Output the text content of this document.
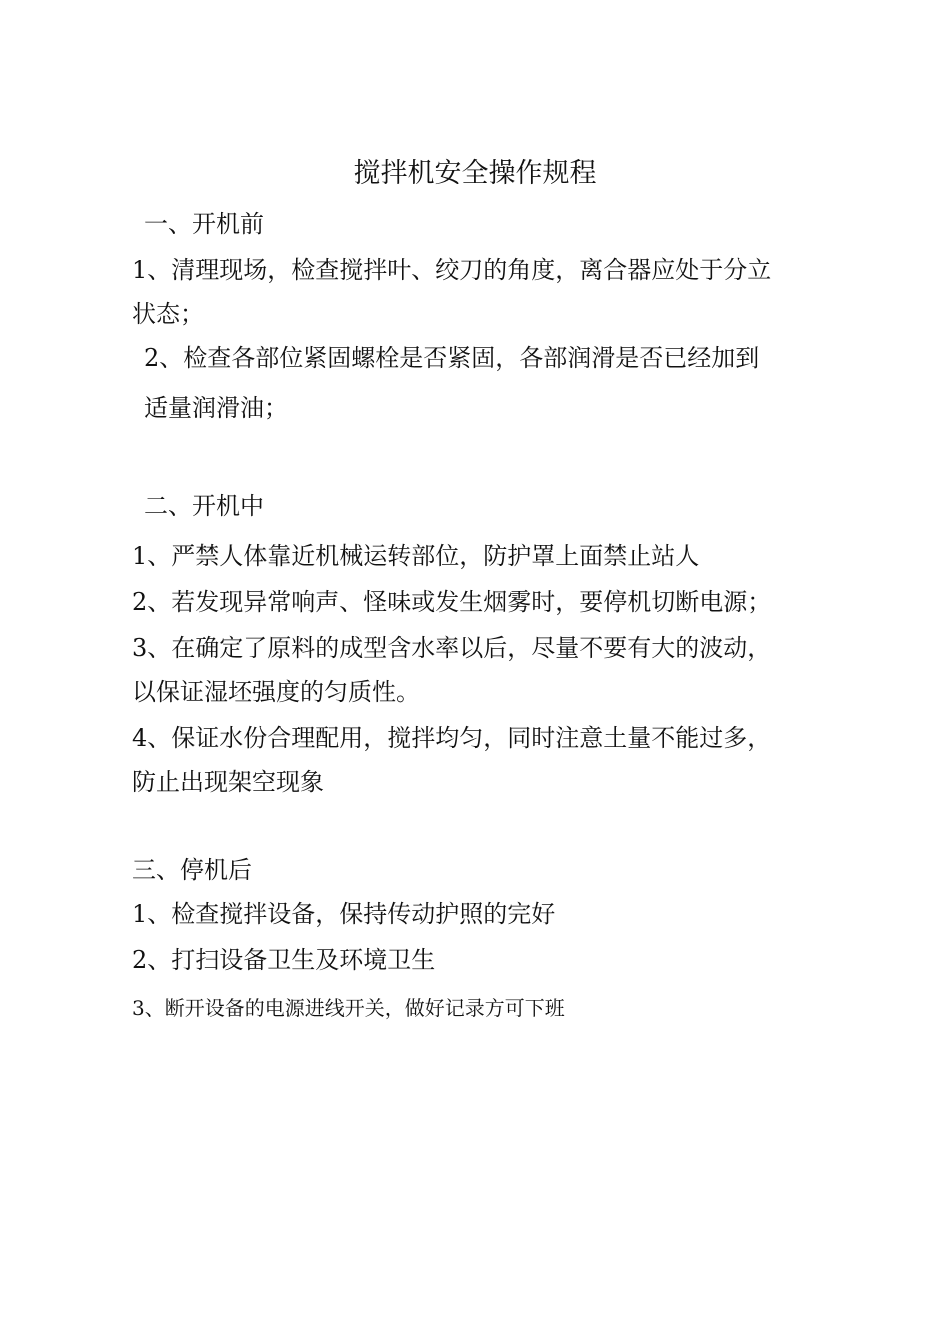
搅拌机安全操作规程
一、开机前
1、清理现场，检查搅拌叶、绞刀的角度，离合器应处于分立
状态；
2、检查各部位紧固螺栓是否紧固，各部润滑是否已经加到
适量润滑油；
二、开机中
1、严禁人体靠近机械运转部位，防护罩上面禁止站人
2、若发现异常响声、怪味或发生烟雾时，要停机切断电源；
3、在确定了原料的成型含水率以后，尽量不要有大的波动，
以保证湿坯强度的匀质性。
4、保证水份合理配用，搅拌均匀，同时注意土量不能过多，
防止出现架空现象
三、停机后
1、检查搅拌设备，保持传动护照的完好
2、打扫设备卫生及环境卫生
3、断开设备的电源进线开关，做好记录方可下班
